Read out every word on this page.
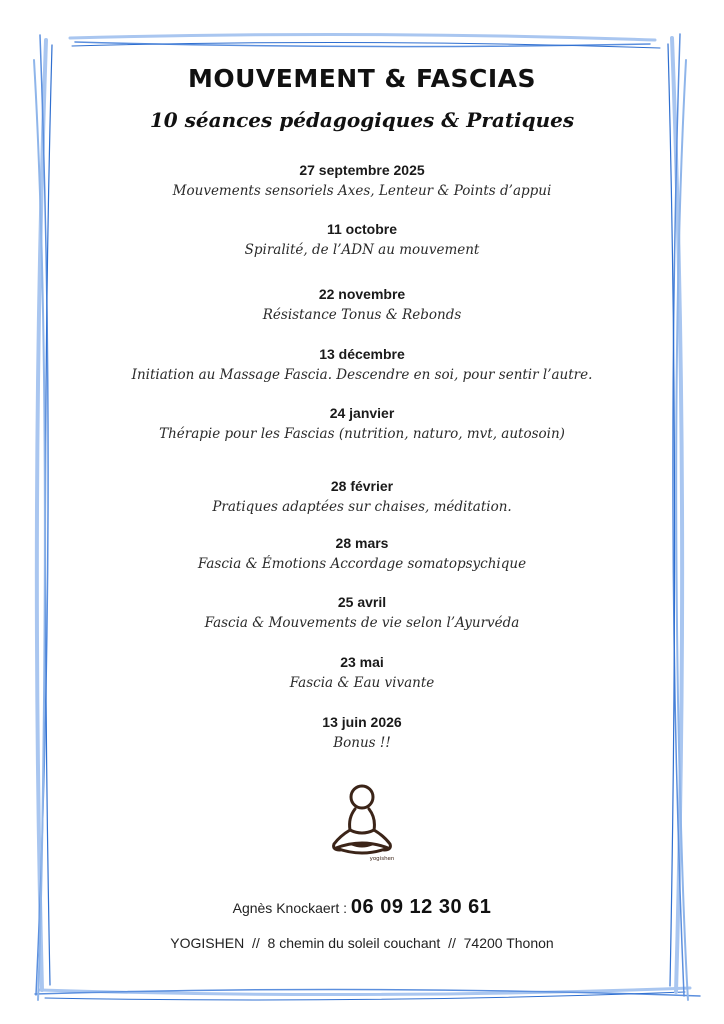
MOUVEMENT & FASCIAS
10 séances pédagogiques & Pratiques
27 septembre 2025
Mouvements sensoriels Axes, Lenteur & Points d’appui
11 octobre
Spiralité, de l’ADN au mouvement
22 novembre
Résistance Tonus & Rebonds
13 décembre
Initiation au Massage Fascia. Descendre en soi, pour sentir l’autre.
24 janvier
Thérapie pour les Fascias (nutrition, naturo, mvt, autosoin)
28 février
Pratiques adaptées sur chaises, méditation.
28 mars
Fascia & Émotions Accordage somatopsychique
25 avril
Fascia & Mouvements de vie selon l’Ayurvéda
23 mai
Fascia & Eau vivante
13 juin 2026
Bonus !!
yogishen
Agnès Knockaert : 06 09 12 30 61
YOGISHEN  //  8 chemin du soleil couchant  //  74200 Thonon
